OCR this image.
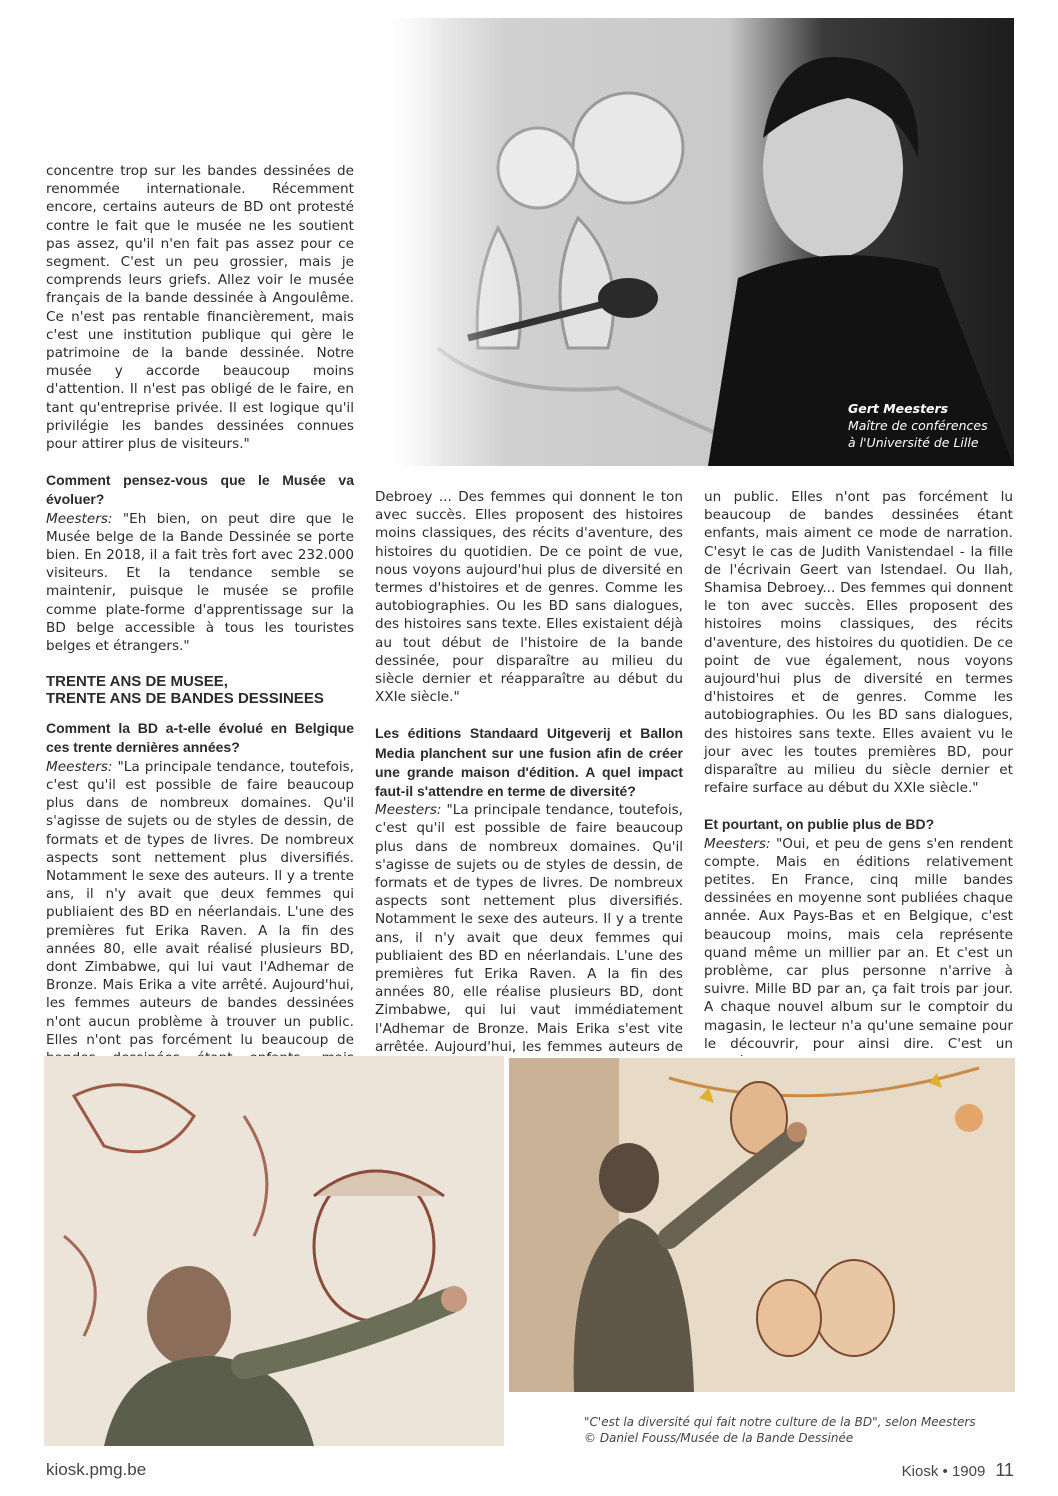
Gert Meesters
Maître de conférences à l'Université de Lille

concentre trop sur les bandes dessinées de renommée internationale. Récemment encore, certains auteurs de BD ont protesté contre le fait que le musée ne les soutient pas assez, qu'il n'en fait pas assez pour ce segment. C'est un peu grossier, mais je comprends leurs griefs. Allez voir le musée français de la bande dessinée à Angoulême. Ce n'est pas rentable financièrement, mais c'est une institution publique qui gère le patrimoine de la bande dessinée. Notre musée y accorde beaucoup moins d'attention. Il n'est pas obligé de le faire, en tant qu'entreprise privée. Il est logique qu'il privilégie les bandes dessinées connues pour attirer plus de visiteurs."

Comment pensez-vous que le Musée va évoluer?
Meesters: "Eh bien, on peut dire que le Musée belge de la Bande Dessinée se porte bien. En 2018, il a fait très fort avec 232.000 visiteurs. Et la tendance semble se maintenir, puisque le musée se profile comme plate-forme d'apprentissage sur la BD belge accessible à tous les touristes belges et étrangers."

TRENTE ANS DE MUSEE,
TRENTE ANS DE BANDES DESSINEES

Comment la BD a-t-elle évolué en Belgique ces trente dernières années?
Meesters: "La principale tendance, toutefois, c'est qu'il est possible de faire beaucoup plus dans de nombreux domaines. Qu'il s'agisse de sujets ou de styles de dessin, de formats et de types de livres. De nombreux aspects sont nettement plus diversifiés. Notamment le sexe des auteurs. Il y a trente ans, il n'y avait que deux femmes qui publiaient des BD en néerlandais. L'une des premières fut Erika Raven. A la fin des années 80, elle avait réalisé plusieurs BD, dont Zimbabwe, qui lui vaut l'Adhemar de Bronze. Mais Erika a vite arrêté. Aujourd'hui, les femmes auteurs de bandes dessinées n'ont aucun problème à trouver un public. Elles n'ont pas forcément lu beaucoup de

Debroey ... Des femmes qui donnent le ton avec succès. Elles proposent des histoires moins classiques, des récits d'aventure, des histoires du quotidien. De ce point de vue, nous voyons aujourd'hui plus de diversité en termes d'histoires et de genres. Comme les autobiographies. Ou les BD sans dialogues, des histoires sans texte. Elles existaient déjà au tout début de l'histoire de la bande dessinée, pour disparaître au milieu du siècle dernier et réapparaître au début du XXIe siècle."

Les éditions Standaard Uitgeverij et Ballon Media planchent sur une fusion afin de créer une grande maison d'édition. A quel impact faut-il s'attendre en terme de diversité?
Meesters: "La principale tendance, toutefois, c'est qu'il est possible de faire beaucoup plus dans de nombreux domaines. Qu'il s'agisse de sujets ou de styles de dessin, de formats et de types de livres. De nombreux aspects sont nettement plus diversifiés. Notamment le sexe des auteurs. Il y a trente ans, il n'y avait que deux femmes qui publiaient des BD en néerlandais. L'une des premières fut Erika Raven. A la fin des années 80, elle réalise plusieurs BD, dont Zimbabwe, qui lui vaut immédiatement l'Adhemar de Bronze. Mais Erika s'est vite arrêtée. Aujourd'hui, les femmes auteurs de

un public. Elles n'ont pas forcément lu beaucoup de bandes dessinées étant enfants, mais aiment ce mode de narration. C'esyt le cas de Judith Vanistendael - la fille de l'écrivain Geert van Istendael. Ou Ilah, Shamisa Debroey... Des femmes qui donnent le ton avec succès. Elles proposent des histoires moins classiques, des récits d'aventure, des histoires du quotidien. De ce point de vue également, nous voyons aujourd'hui plus de diversité en termes d'histoires et de genres. Comme les autobiographies. Ou les BD sans dialogues, des histoires sans texte. Elles avaient vu le jour avec les toutes premières BD, pour disparaître au milieu du siècle dernier et refaire surface au début du XXIe siècle."

Et pourtant, on publie plus de BD?
Meesters: "Oui, et peu de gens s'en rendent compte. Mais en éditions relativement petites. En France, cinq mille bandes dessinées en moyenne sont publiées chaque année. Aux Pays-Bas et en Belgique, c'est beaucoup moins, mais cela représente quand même un millier par an. Et c'est un problème, car plus personne n'arrive à suivre. Mille BD par an, ça fait trois par jour. A chaque nouvel album sur le comptoir du magasin, le lecteur n'a qu'une semaine pour le découvrir, pour ainsi dire. C'est un

"C'est la diversité qui fait notre culture de la BD", selon Meesters
© Daniel Fouss/Musée de la Bande Dessinée
kiosk.pmg.be	Kiosk • 1909 11
